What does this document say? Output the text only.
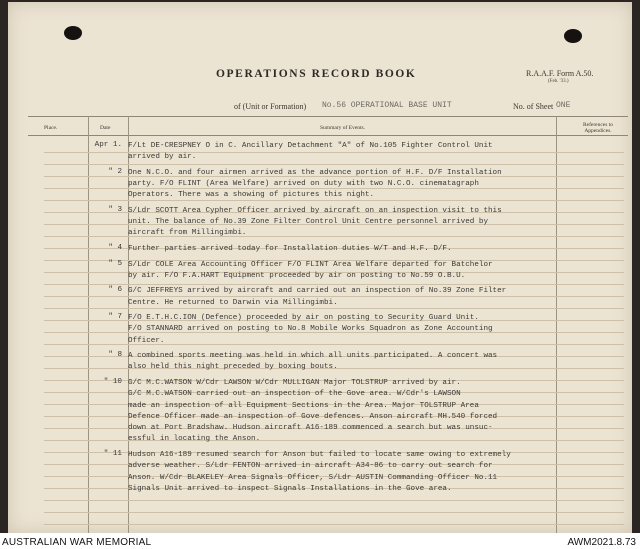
OPERATIONS RECORD BOOK	R.A.A.F. Form A.50.
(Feb. '33.)
of (Unit or Formation) No.56 OPERATIONAL BASE UNIT	No. of Sheet ONE
Place.	Date	Summary of Events.	References to Appendices.
Apr 1. F/Lt DE-CRESPNEY O in C. Ancillary Detachment "A" of No.105 Fighter Control Unit
arrived by air.
" 2 One N.C.O. and four airmen arrived as the advance portion of H.F. D/F Installation
party. F/O FLINT (Area Welfare) arrived on duty with two N.C.O. cinematagraph
Operators. There was a showing of pictures this night.
" 3 S/Ldr SCOTT Area Cypher Officer arrived by aircraft on an inspection visit to this
unit. The balance of No.39 Zone Filter Control Unit Centre personnel arrived by
aircraft from Millingimbi.
" 4 Further parties arrived today for Installation duties W/T and H.F. D/F.
" 5 S/Ldr COLE Area Accounting Officer F/O FLINT Area Welfare departed for Batchelor
by air. F/O F.A.HART Equipment proceeded by air on posting to No.59 O.B.U.
" 6 G/C JEFFREYS arrived by aircraft and carried out an inspection of No.39 Zone Filter
Centre. He returned to Darwin via Millingimbi.
" 7 F/O E.T.H.C.ION (Defence) proceeded by air on posting to Security Guard Unit.
F/O STANNARD arrived on posting to No.8 Mobile Works Squadron as Zone Accounting
Officer.
" 8 A combined sports meeting was held in which all units participated. A concert was
also held this night preceded by boxing bouts.
" 10 G/C M.C.WATSON W/Cdr LAWSON W/Cdr MULLIGAN Major TOLSTRUP arrived by air.
G/C M.C.WATSON carried out an inspection of the Gove area. W/Cdr's LAWSON
made an inspection of all Equipment Sections in the Area. Major TOLSTRUP Area
Defence Officer made an inspection of Gove defences. Anson aircraft MH.540 forced
down at Port Bradshaw. Hudson aircraft A16-189 commenced a search but was unsuc-
essful in locating the Anson.
" 11 Hudson A16-189 resumed search for Anson but failed to locate same owing to extremely
adverse weather. S/Ldr FENTON arrived in aircraft A34-86 to carry out search for
Anson. W/Cdr BLAKELEY Area Signals Officer, S/Ldr AUSTIN Commanding Officer No.11
Signals Unit arrived to inspect Signals Installations in the Gove area.
AUSTRALIAN WAR MEMORIAL	AWM2021.8.73
